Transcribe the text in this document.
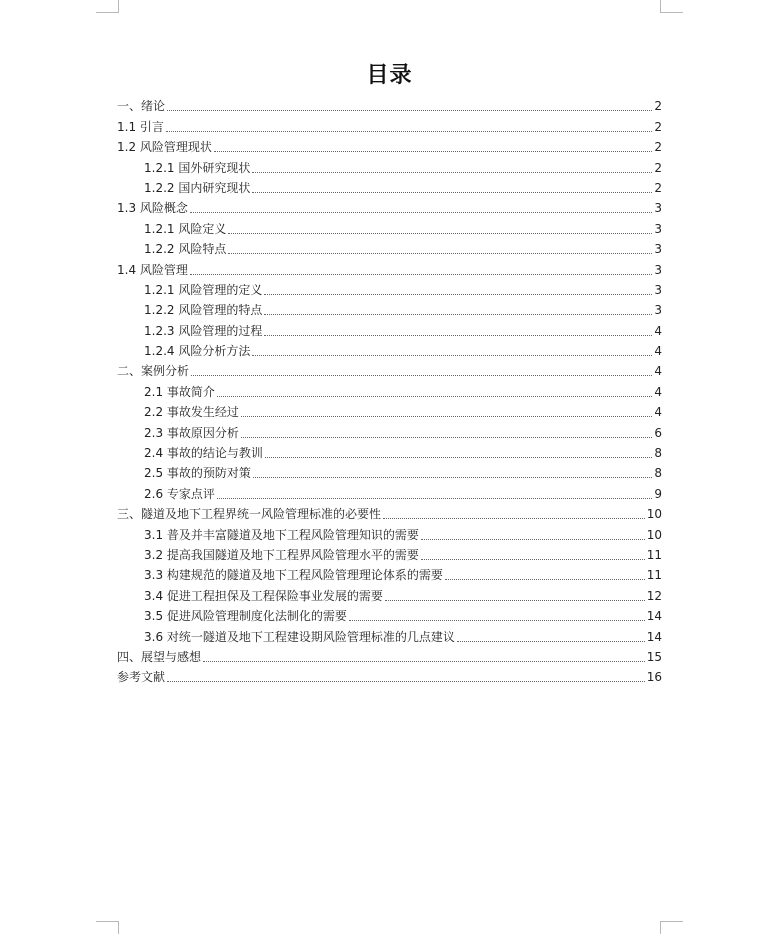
目录
一、绪论	2
1.1 引言	2
1.2 风险管理现状	2
1.2.1 国外研究现状	2
1.2.2 国内研究现状	2
1.3 风险概念	3
1.2.1 风险定义	3
1.2.2 风险特点	3
1.4 风险管理	3
1.2.1 风险管理的定义	3
1.2.2 风险管理的特点	3
1.2.3 风险管理的过程	4
1.2.4 风险分析方法	4
二、案例分析	4
2.1 事故简介	4
2.2 事故发生经过	4
2.3 事故原因分析	6
2.4 事故的结论与教训	8
2.5 事故的预防对策	8
2.6 专家点评	9
三、隧道及地下工程界统一风险管理标准的必要性	10
3.1 普及并丰富隧道及地下工程风险管理知识的需要	10
3.2 提高我国隧道及地下工程界风险管理水平的需要	11
3.3 构建规范的隧道及地下工程风险管理理论体系的需要	11
3.4 促进工程担保及工程保险事业发展的需要	12
3.5 促进风险管理制度化法制化的需要	14
3.6 对统一隧道及地下工程建设期风险管理标准的几点建议	14
四、展望与感想	15
参考文献	16
